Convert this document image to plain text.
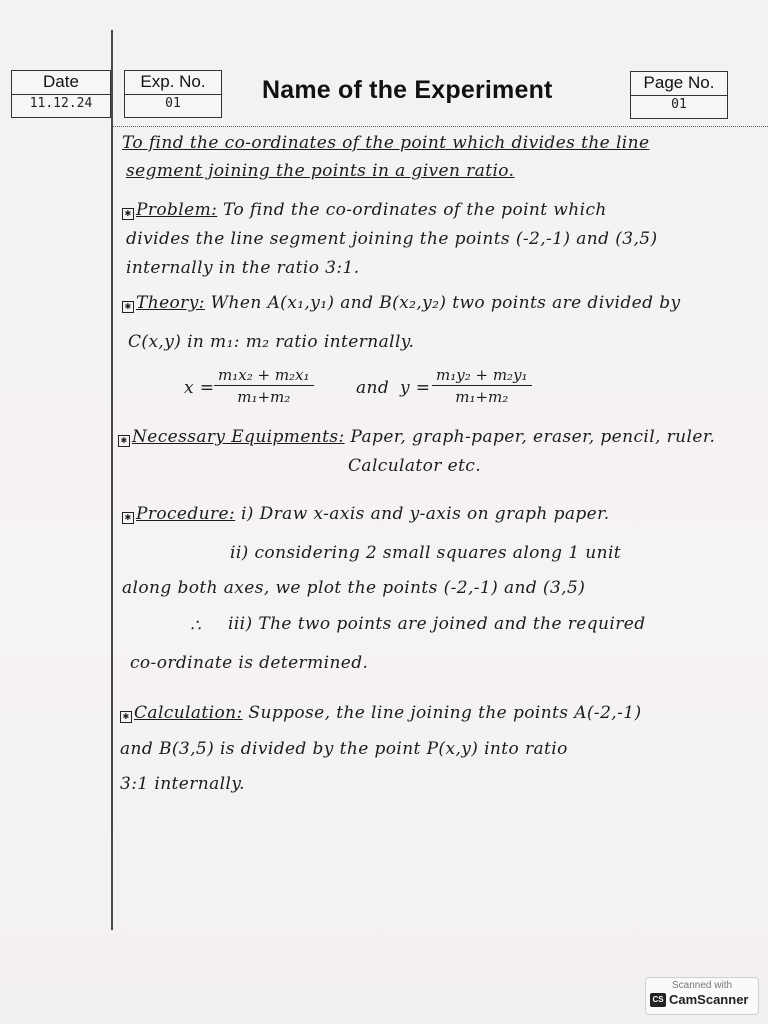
Date
11.12.24
Exp. No.
01	Name of the Experiment	Page No.
01
To find the co-ordinates of the point which divides the line
segment joining the points in a given ratio.
✱ Problem: To find the co-ordinates of the point which
divides the line segment joining the points (-2,-1) and (3,5)
internally in the ratio 3:1.
✱ Theory: When A(x₁,y₁) and B(x₂,y₂) two points are divided by
C(x,y) in m₁: m₂ ratio internally.
$x = \frac{\text{m₁x₂ + m₂x₁}}{\text{m₁+m₂}}$ and $y = \frac{\text{m₁y₂ + m₂y₁}}{\text{m₁+m₂}}$
✱ Necessary Equipments: Paper, graph-paper, eraser, pencil, ruler.
Calculator etc.
✱ Procedure: i) Draw x-axis and y-axis on graph paper.
ii) considering 2 small squares along 1 unit
along both axes, we plot the points (-2,-1) and (3,5)
∴ iii) The two points are joined and the required
co-ordinate is determined.
✱ Calculation: Suppose, the line joining the points A(-2,-1)
and B(3,5) is divided by the point P(x,y) into ratio
3:1 internally.
Scanned with
CS CamScanner
